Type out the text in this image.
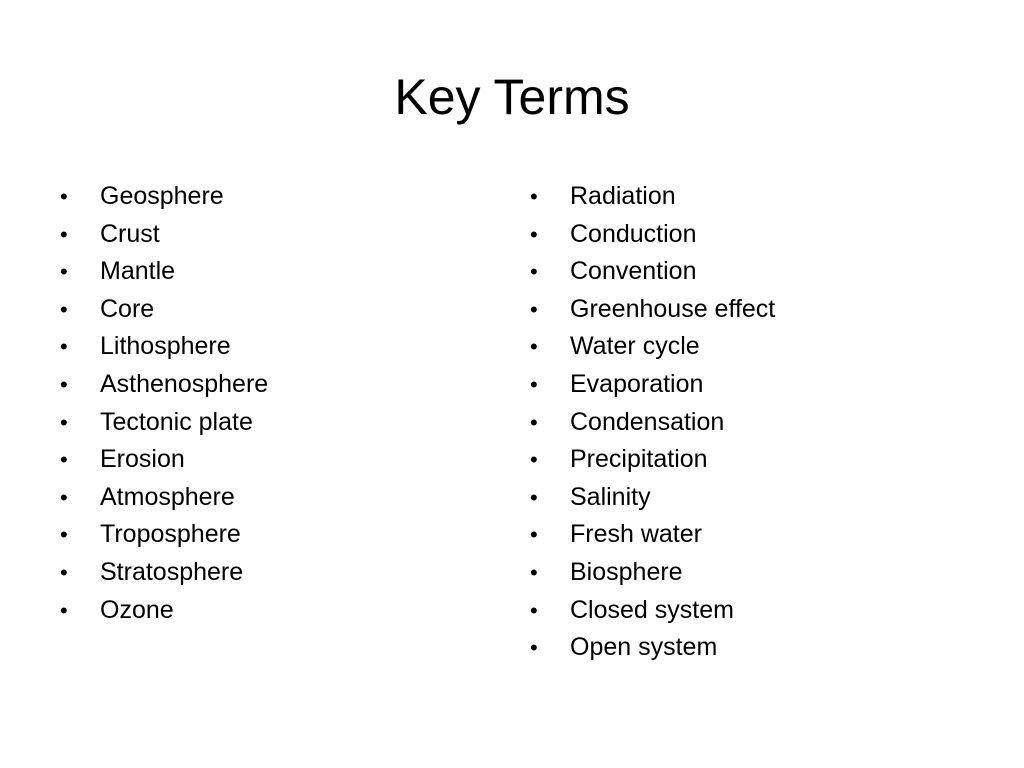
Key Terms
• Geosphere
• Crust
• Mantle
• Core
• Lithosphere
• Asthenosphere
• Tectonic plate
• Erosion
• Atmosphere
• Troposphere
• Stratosphere
• Ozone
• Radiation
• Conduction
• Convention
• Greenhouse effect
• Water cycle
• Evaporation
• Condensation
• Precipitation
• Salinity
• Fresh water
• Biosphere
• Closed system
• Open system
